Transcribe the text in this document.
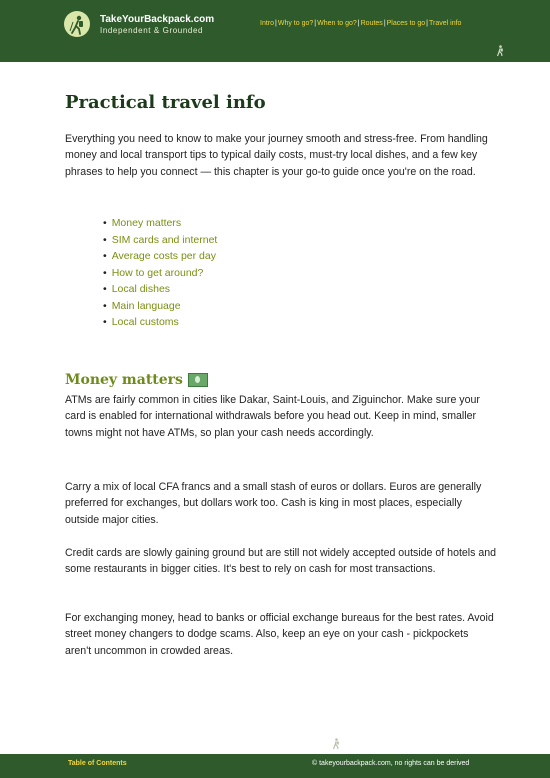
TakeYourBackpack.com
Independent & Grounded
Intro|Why to go?|When to go?|Routes|Places to go|Travel info
Practical travel info

Everything you need to know to make your journey smooth and stress-free. From handling money and local transport tips to typical daily costs, must-try local dishes, and a few key phrases to help you connect — this chapter is your go-to guide once you're on the road.

• Money matters
• SIM cards and internet
• Average costs per day
• How to get around?
• Local dishes
• Main language
• Local customs
Money matters

ATMs are fairly common in cities like Dakar, Saint-Louis, and Ziguinchor. Make sure your card is enabled for international withdrawals before you head out. Keep in mind, smaller towns might not have ATMs, so plan your cash needs accordingly.

Carry a mix of local CFA francs and a small stash of euros or dollars. Euros are generally preferred for exchanges, but dollars work too. Cash is king in most places, especially outside major cities.

Credit cards are slowly gaining ground but are still not widely accepted outside of hotels and some restaurants in bigger cities. It's best to rely on cash for most transactions.

For exchanging money, head to banks or official exchange bureaus for the best rates. Avoid street money changers to dodge scams. Also, keep an eye on your cash - pickpockets aren't uncommon in crowded areas.

Table of Contents	© takeyourbackpack.com, no rights can be derived
